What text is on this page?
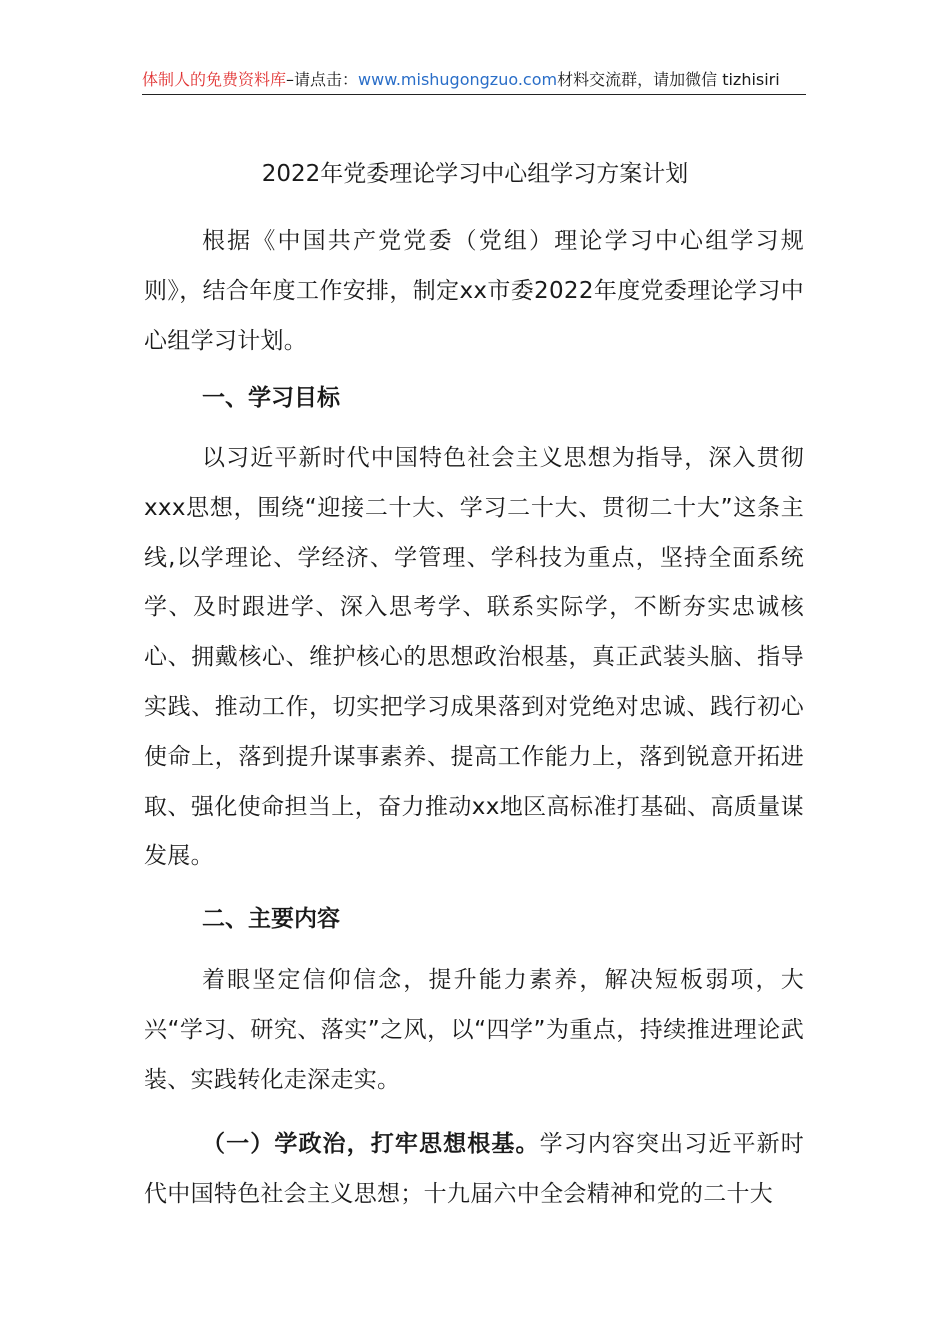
体制人的免费资料库–请点击：www.mishugongzuo.com材料交流群，请加微信 tizhisiri
2022年党委理论学习中心组学习方案计划

根据《中国共产党党委（党组）理论学习中心组学习规则》，结合年度工作安排，制定xx市委2022年度党委理论学习中心组学习计划。

一、学习目标

以习近平新时代中国特色社会主义思想为指导，深入贯彻xxx思想，围绕“迎接二十大、学习二十大、贯彻二十大”这条主线,以学理论、学经济、学管理、学科技为重点，坚持全面系统学、及时跟进学、深入思考学、联系实际学，不断夯实忠诚核心、拥戴核心、维护核心的思想政治根基，真正武装头脑、指导实践、推动工作，切实把学习成果落到对党绝对忠诚、践行初心使命上，落到提升谋事素养、提高工作能力上，落到锐意开拓进取、强化使命担当上，奋力推动xx地区高标准打基础、高质量谋发展。

二、主要内容

着眼坚定信仰信念，提升能力素养，解决短板弱项，大兴“学习、研究、落实”之风，以“四学”为重点，持续推进理论武装、实践转化走深走实。

（一）学政治，打牢思想根基。学习内容突出习近平新时代中国特色社会主义思想；十九届六中全会精神和党的二十大
